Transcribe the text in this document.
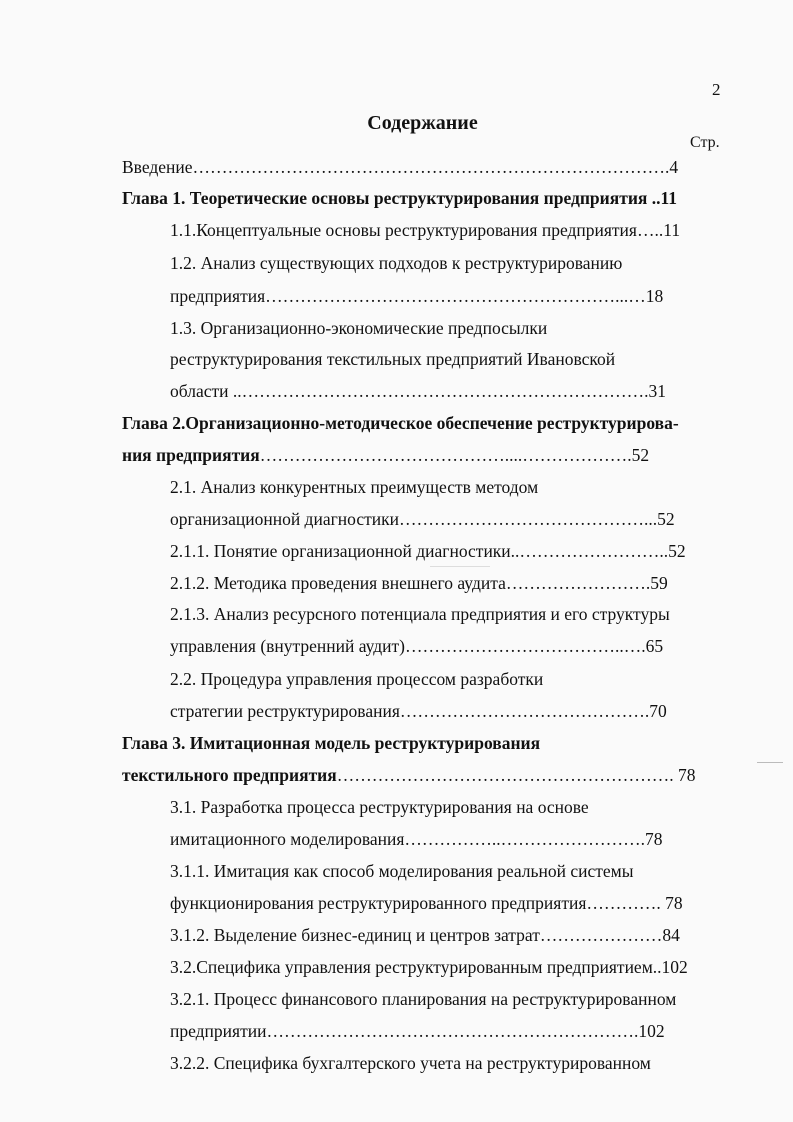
2
Содержание
Стр.
Введение……………………………………………………………………….4
Глава 1. Теоретические основы реструктурирования предприятия ..11
1.1.Концептуальные основы реструктурирования предприятия…..11
1.2. Анализ существующих подходов к реструктурированию
предприятия……………………………………………………...…18
1.3. Организационно-экономические предпосылки
реструктурирования текстильных предприятий Ивановской
области ..…………………………………………………………….31
Глава 2.Организационно-методическое обеспечение реструктурирова-
ния предприятия……………………………………....……………….52
2.1. Анализ конкурентных преимуществ методом
организационной диагностики……………………………………...52
2.1.1. Понятие организационной диагностики..……………………..52
2.1.2. Методика проведения внешнего аудита…………………….59
2.1.3. Анализ ресурсного потенциала предприятия и его структуры
управления (внутренний аудит)………………………………..….65
2.2. Процедура управления процессом разработки
стратегии реструктурирования…………………………………….70
Глава 3. Имитационная модель реструктурирования
текстильного предприятия…………………………………………………. 78
3.1. Разработка процесса реструктурирования на основе
имитационного моделирования……………..…………………….78
3.1.1. Имитация как способ моделирования реальной системы
функционирования реструктурированного предприятия…………. 78
3.1.2. Выделение бизнес-единиц и центров затрат…………………84
3.2.Специфика управления реструктурированным предприятием..102
3.2.1. Процесс финансового планирования на реструктурированном
предприятии……………………………………………………….102
3.2.2. Специфика бухгалтерского учета на реструктурированном
